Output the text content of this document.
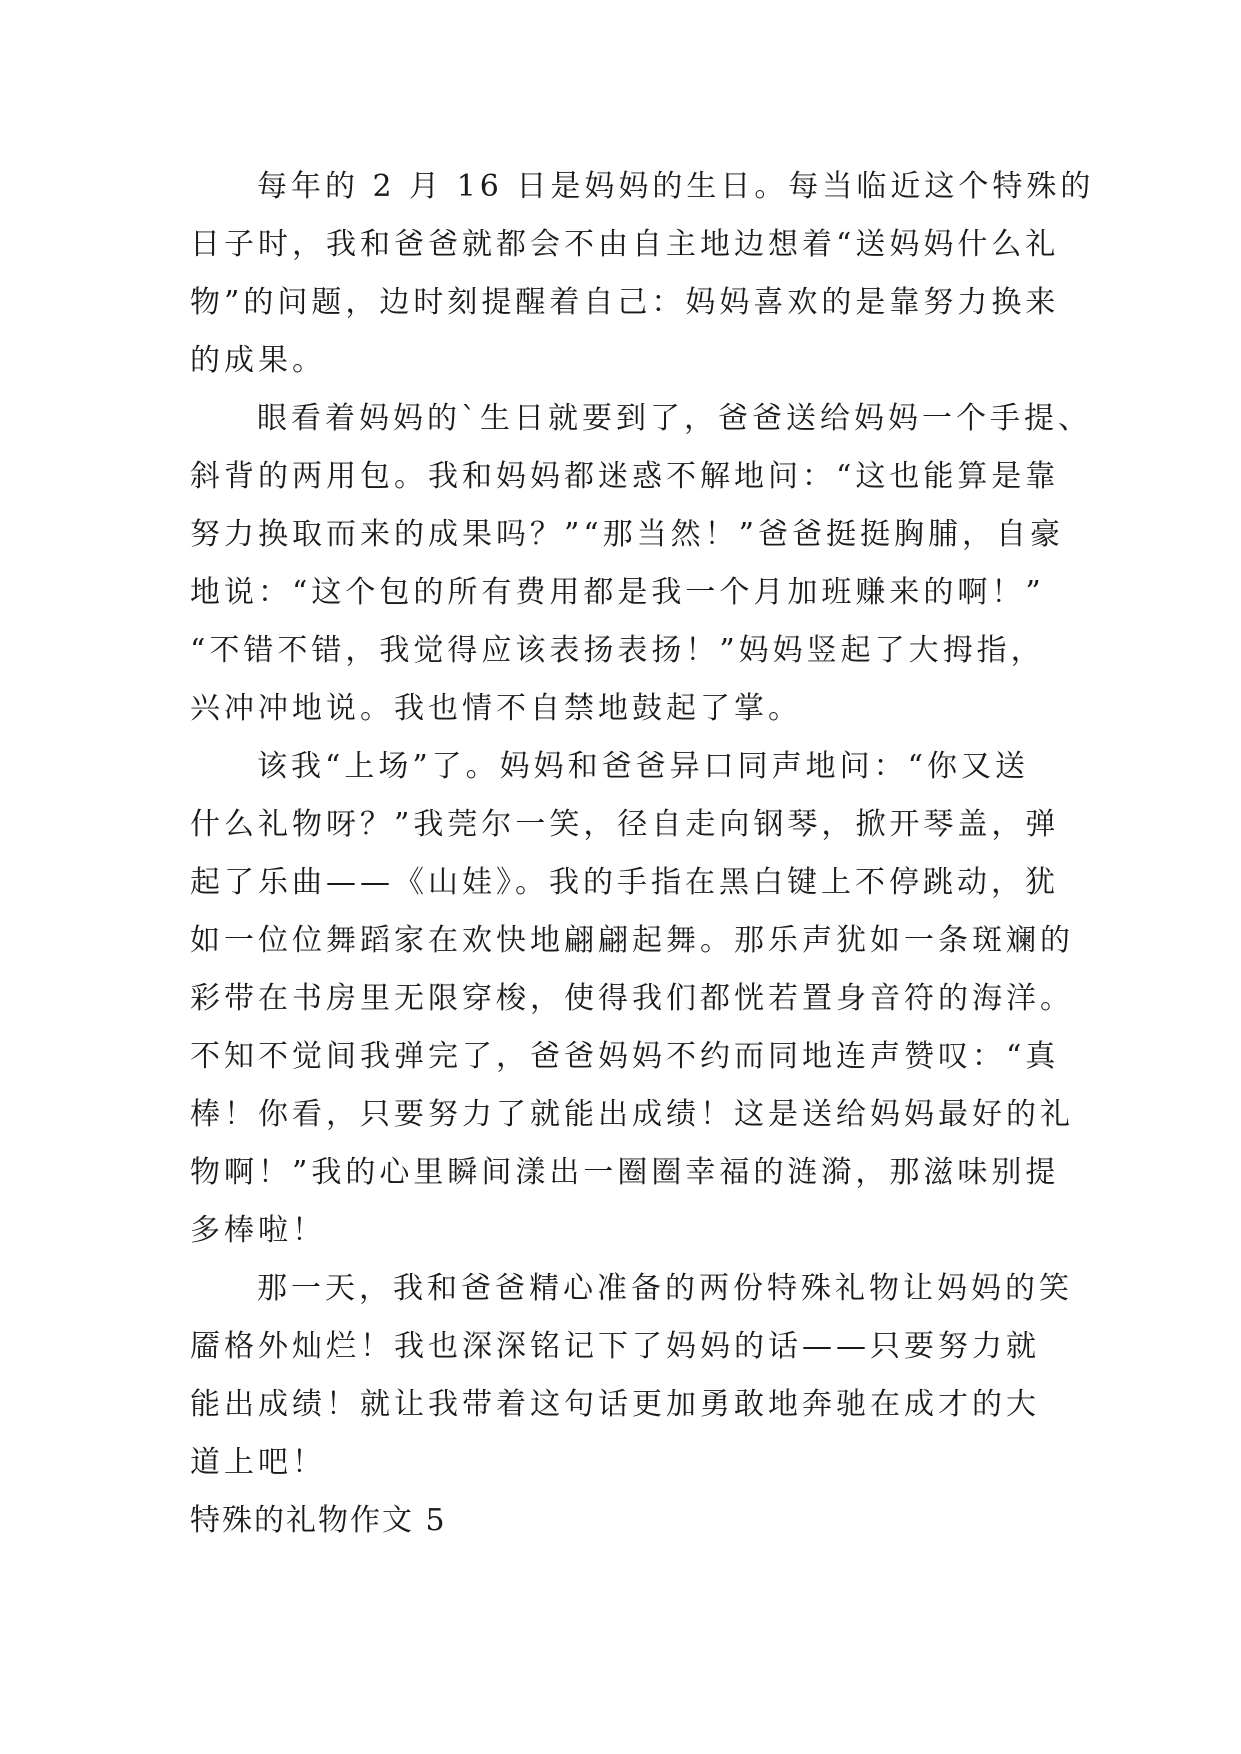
每年的 2 月 16 日是妈妈的生日。每当临近这个特殊的
日子时，我和爸爸就都会不由自主地边想着“送妈妈什么礼
物”的问题，边时刻提醒着自己：妈妈喜欢的是靠努力换来
的成果。
眼看着妈妈的`生日就要到了，爸爸送给妈妈一个手提、
斜背的两用包。我和妈妈都迷惑不解地问：“这也能算是靠
努力换取而来的成果吗？”“那当然！”爸爸挺挺胸脯，自豪
地说：“这个包的所有费用都是我一个月加班赚来的啊！”
“不错不错，我觉得应该表扬表扬！”妈妈竖起了大拇指，
兴冲冲地说。我也情不自禁地鼓起了掌。
该我“上场”了。妈妈和爸爸异口同声地问：“你又送
什么礼物呀？”我莞尔一笑，径自走向钢琴，掀开琴盖，弹
起了乐曲——《山娃》。我的手指在黑白键上不停跳动，犹
如一位位舞蹈家在欢快地翩翩起舞。那乐声犹如一条斑斓的
彩带在书房里无限穿梭，使得我们都恍若置身音符的海洋。
不知不觉间我弹完了，爸爸妈妈不约而同地连声赞叹：“真
棒！你看，只要努力了就能出成绩！这是送给妈妈最好的礼
物啊！”我的心里瞬间漾出一圈圈幸福的涟漪，那滋味别提
多棒啦！
那一天，我和爸爸精心准备的两份特殊礼物让妈妈的笑
靥格外灿烂！我也深深铭记下了妈妈的话——只要努力就
能出成绩！就让我带着这句话更加勇敢地奔驰在成才的大
道上吧！
特殊的礼物作文 5
